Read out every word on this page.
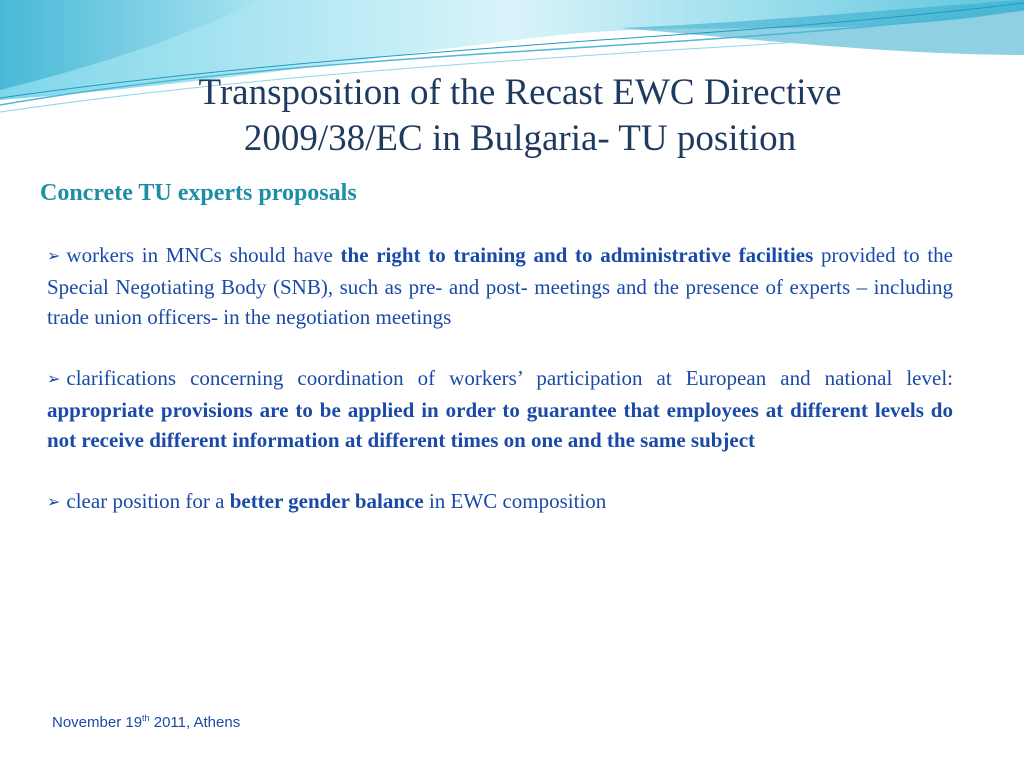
Transposition of the Recast EWC Directive
2009/38/EC in Bulgaria- TU position
Concrete TU experts proposals

➢ workers in MNCs should have the right to training and to administrative facilities provided to the Special Negotiating Body (SNB), such as pre- and post- meetings and the presence of experts – including trade union officers- in the negotiation meetings

➢ clarifications concerning coordination of workers’ participation at European and national level: appropriate provisions are to be applied in order to guarantee that employees at different levels do not receive different information at different times on one and the same subject

➢ clear position for a better gender balance in EWC composition

November 19th 2011, Athens
